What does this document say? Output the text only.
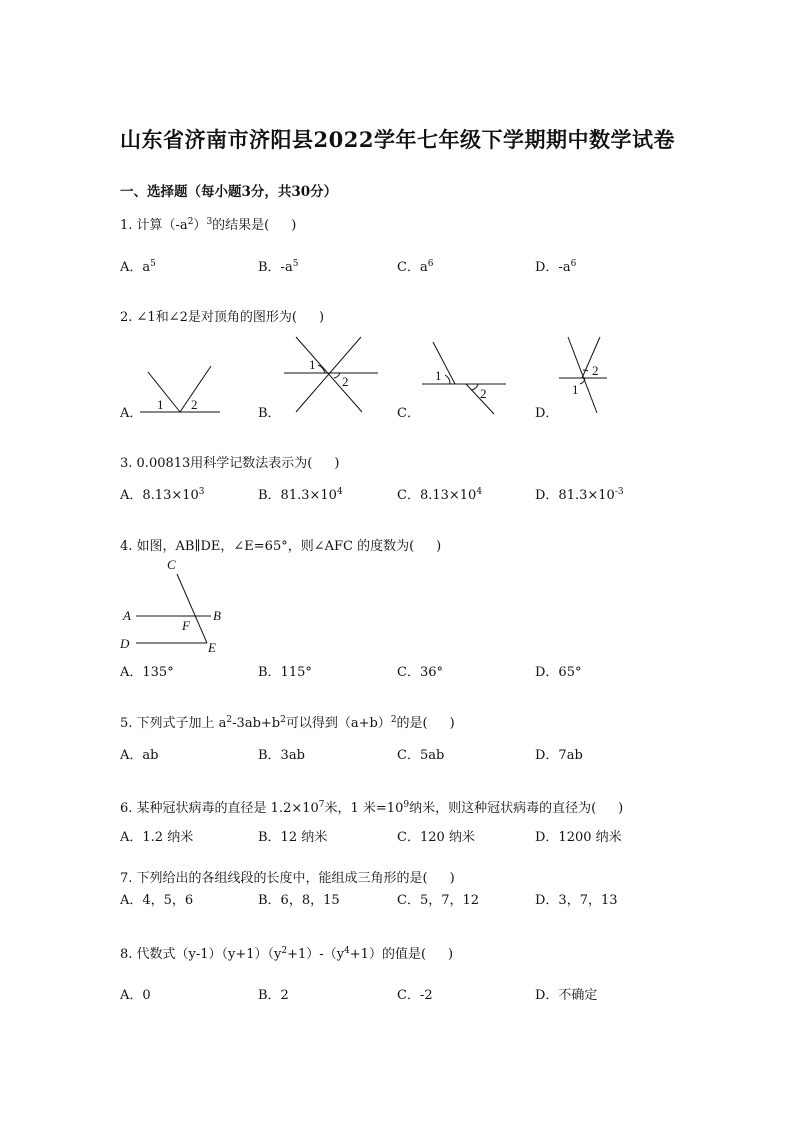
山东省济南市济阳县2022学年七年级下学期期中数学试卷
一、选择题（每小题3分，共30分）
1. 计算$(-a^2)^3$的结果是( )
A．$a^5$	B．$-a^5$	C．$a^6$	D．$-a^6$
2. ∠1和∠2是对顶角的图形为( )
A．	B．	C．	D．
1 2
1
2	1
2
2
1
C
A	B
F
D	E
3. 0.00813用科学记数法表示为( )
A．$8.13\times 10^3$	B．$81.3\times 10^4$	C．$8.13\times 10^4$	D．$81.3\times 10^{-3}$
4. 如图，AB∥DE，∠E=65°，则∠AFC 的度数为( )
A．135°	B．115°	C．36°	D．65°
5. 下列式子加上 $a^2-3ab+b^2$可以得到$(a+b)^2$的是( )
A．ab	B．3ab	C．5ab	D．7ab
6. 某种冠状病毒的直径是 $1.2\times 10^7$米，1 米$=10^9$纳米，则这种冠状病毒的直径为( )
A．1.2 纳米	B．12 纳米	C．120 纳米	D．1200 纳米
7. 下列给出的各组线段的长度中，能组成三角形的是( )
A．4，5，6	B．6，8，15	C．5，7，12	D．3，7，13
8. 代数式$(y-1)(y+1)(y^2+1)-(y^4+1)$的值是( )
A．0	B．2	C．-2	D．不确定
